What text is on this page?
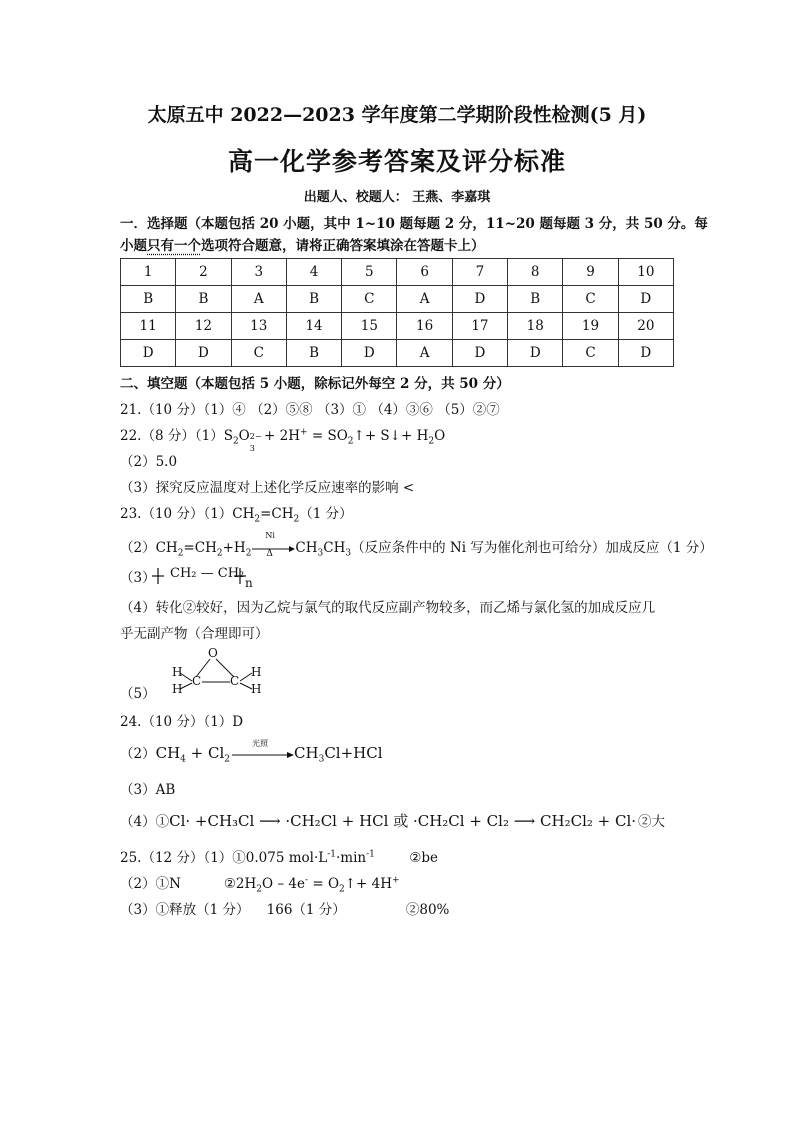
太原五中 2022—2023 学年度第二学期阶段性检测(5 月)
高一化学参考答案及评分标准
出题人、校题人： 王燕、李嘉琪
一．选择题（本题包括 20 小题，其中 1~10 题每题 2 分，11~20 题每题 3 分，共 50 分。每
小题只有一个选项符合题意，请将正确答案填涂在答题卡上）
1	2	3	4	5	6	7	8	9	10
B	B	A	B	C	A	D	B	C	D
11	12	13	14	15	16	17	18	19	20
D	D	C	B	D	A	D	D	C	D
二、填空题（本题包括 5 小题，除标记外每空 2 分，共 50 分）
21.（10 分）（1）④ （2）⑤⑧ （3）① （4）③⑥ （5）②⑦
22.（8 分）$(1)S_2O$ 2−
3
+ $2H^+ = SO_2↑+$ S↓+ $H_2O$
（2）5.0
（3）探究反应温度对上述化学反应速率的影响 <
23.（10 分）$(1)CH_2=CH_2(1$ 分）
$(2)CH_2=CH_2+H_2$
Ni
Δ $CH_3CH_3$（反应条件中的 Ni 写为催化剂也可给分）加成反应（1 分）
（3） CH₂ — CH₂
n
（4）转化②较好，因为乙烷与氯气的取代反应副产物较多，而乙烯与氯化氢的加成反应几
乎无副产物（合理即可）
（5）
O
C C
H
H
H
H
24.（10 分）（1）D
$(2)CH_4 + Cl_2$
光照
$CH_3Cl+HCl$
（3）AB
（4）①Cl· +CH₃Cl ⟶ ·CH₂Cl + HCl 或 ·CH₂Cl + Cl₂ ⟶ CH₂Cl₂ + Cl· ②大
25.（12 分）（1）①0.075 $mol\cdot L^{-1}\cdot\min^{-1}$        ②be
（2）①N          $②2H_2O - 4e^-$ = $O_2↑+ 4H^+$
（3）①释放（1 分）    166（1 分）              ②80%
